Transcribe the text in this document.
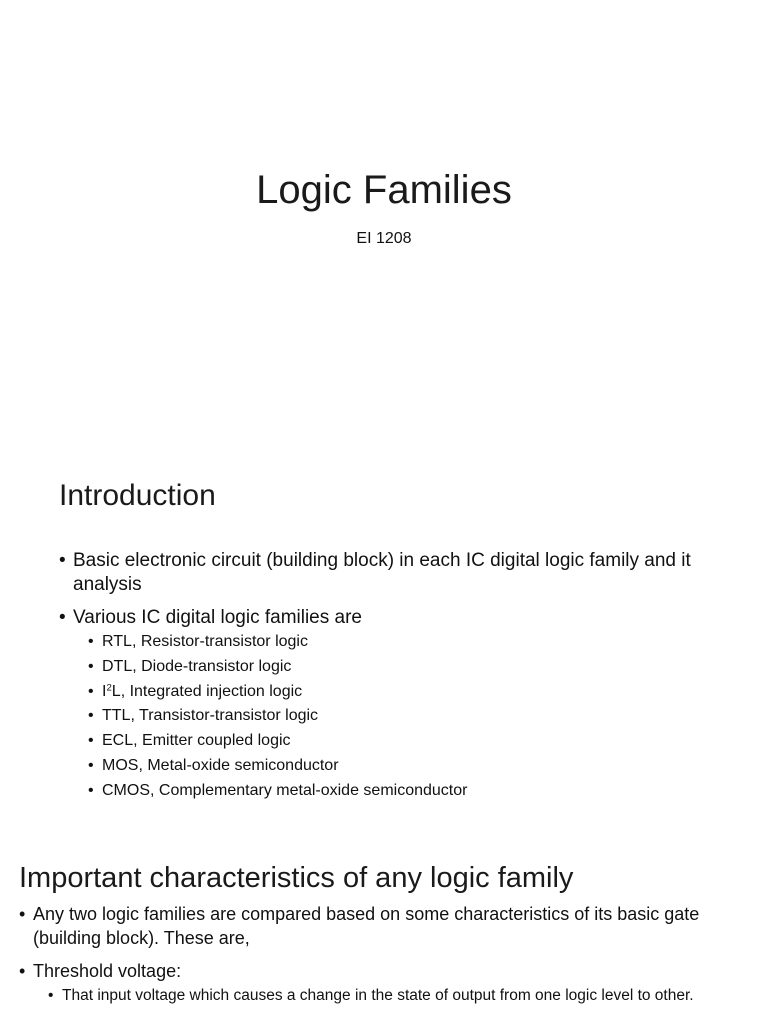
Logic Families
EI 1208
Introduction
• Basic electronic circuit (building block) in each IC digital logic family and it analysis
• Various IC digital logic families are
• RTL, Resistor-transistor logic
• DTL, Diode-transistor logic
• $I^2L$, Integrated injection logic
• TTL, Transistor-transistor logic
• ECL, Emitter coupled logic
• MOS, Metal-oxide semiconductor
• CMOS, Complementary metal-oxide semiconductor
Important characteristics of any logic family
• Any two logic families are compared based on some characteristics of its basic gate (building block). These are,
• Threshold voltage:
• That input voltage which causes a change in the state of output from one logic level to other.
